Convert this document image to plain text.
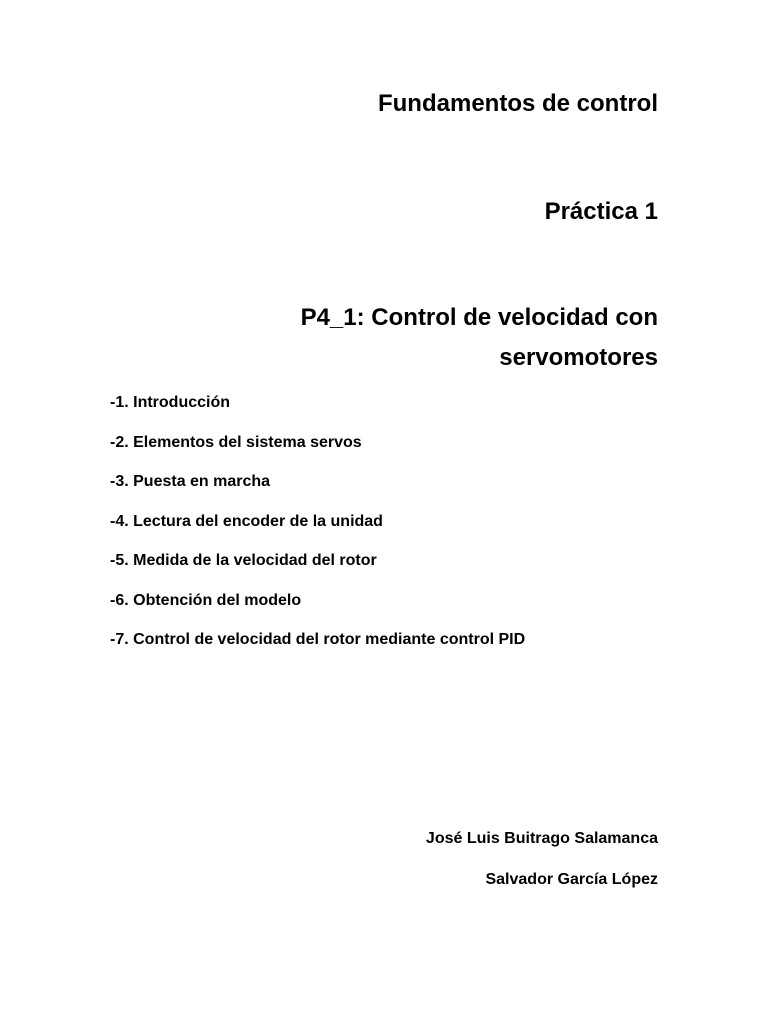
Fundamentos de control
Práctica 1
P4_1: Control de velocidad con servomotores
-1. Introducción
-2. Elementos del sistema servos
-3. Puesta en marcha
-4. Lectura del encoder de la unidad
-5. Medida de la velocidad del rotor
-6. Obtención del modelo
-7. Control de velocidad del rotor mediante control PID
José Luis Buitrago Salamanca
Salvador García López
